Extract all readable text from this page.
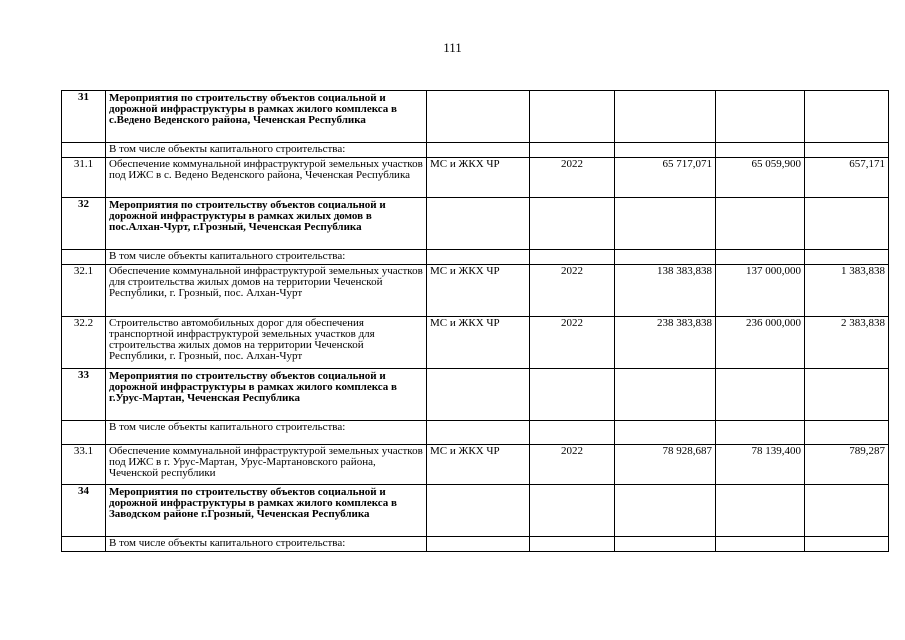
111
31	Мероприятия по строительству объектов социальной и дорожной инфраструктуры в рамках жилого комплекса в с.Ведено Веденского района, Чеченская Республика					
	В том числе объекты капитального строительства:					
31.1	Обеспечение коммунальной инфраструктурой земельных участков под ИЖС в с. Ведено Веденского района, Чеченская Республика	МС и ЖКХ ЧР	2022	65 717,071	65 059,900	657,171
32	Мероприятия по строительству объектов социальной и дорожной инфраструктуры в рамках жилых домов в пос.Алхан-Чурт, г.Грозный, Чеченская Республика					
	В том числе объекты капитального строительства:					
32.1	Обеспечение коммунальной инфраструктурой земельных участков для строительства жилых домов на территории Чеченской Республики, г. Грозный, пос. Алхан-Чурт	МС и ЖКХ ЧР	2022	138 383,838	137 000,000	1 383,838
32.2	Строительство автомобильных дорог для обеспечения транспортной инфраструктурой земельных участков для строительства жилых домов на территории Чеченской Республики, г. Грозный, пос. Алхан-Чурт	МС и ЖКХ ЧР	2022	238 383,838	236 000,000	2 383,838
33	Мероприятия по строительству объектов социальной и дорожной инфраструктуры в рамках жилого комплекса в г.Урус-Мартан, Чеченская Республика					
	В том числе объекты капитального строительства:					
33.1	Обеспечение коммунальной инфраструктурой земельных участков под ИЖС в г. Урус-Мартан, Урус-Мартановского района, Чеченской республики	МС и ЖКХ ЧР	2022	78 928,687	78 139,400	789,287
34	Мероприятия по строительству объектов социальной и дорожной инфраструктуры в рамках жилого комплекса в Заводском районе г.Грозный, Чеченская Республика					
	В том числе объекты капитального строительства:					
